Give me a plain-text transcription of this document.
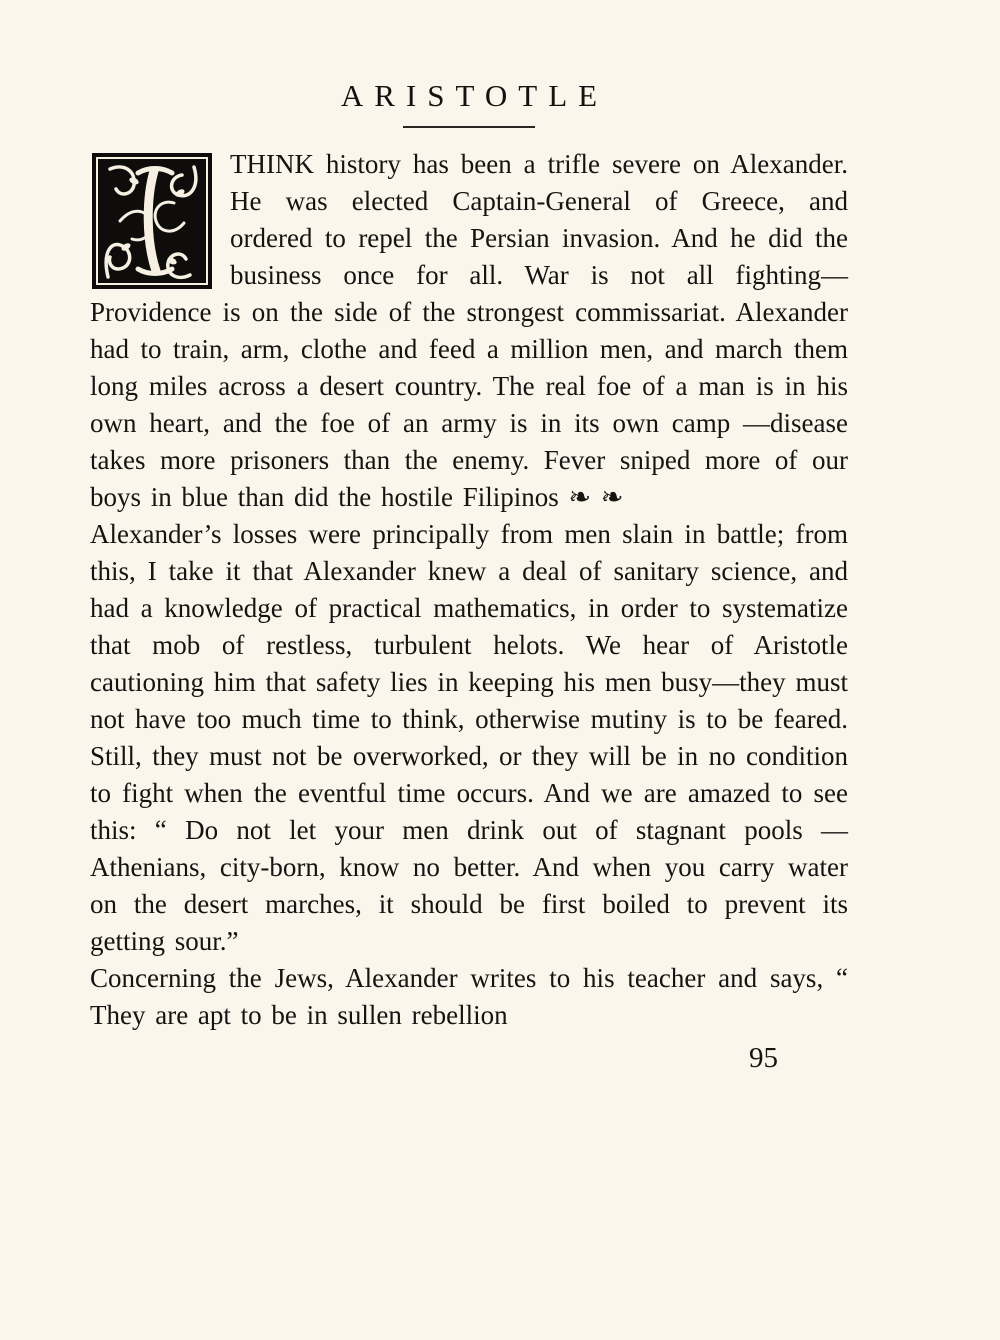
ARISTOTLE

THINK history has been a trifle severe on Alexander. He was elected Captain-General of Greece, and ordered to repel the Persian invasion. And he did the business once for all. War is not all fighting—Providence is on the side of the strongest commissariat. Alexander had to train, arm, clothe and feed a million men, and march them long miles across a desert country. The real foe of a man is in his own heart, and the foe of an army is in its own camp —disease takes more prisoners than the enemy. Fever sniped more of our boys in blue than did the hostile Filipinos ❧ ❧

Alexander’s losses were principally from men slain in battle; from this, I take it that Alexander knew a deal of sanitary science, and had a knowledge of practical mathematics, in order to systematize that mob of restless, turbulent helots. We hear of Aristotle cautioning him that safety lies in keeping his men busy—they must not have too much time to think, otherwise mutiny is to be feared. Still, they must not be overworked, or they will be in no condition to fight when the eventful time occurs. And we are amazed to see this: “ Do not let your men drink out of stagnant pools —Athenians, city-born, know no better. And when you carry water on the desert marches, it should be first boiled to prevent its getting sour.”

Concerning the Jews, Alexander writes to his teacher and says, “ They are apt to be in sullen rebellion

95
